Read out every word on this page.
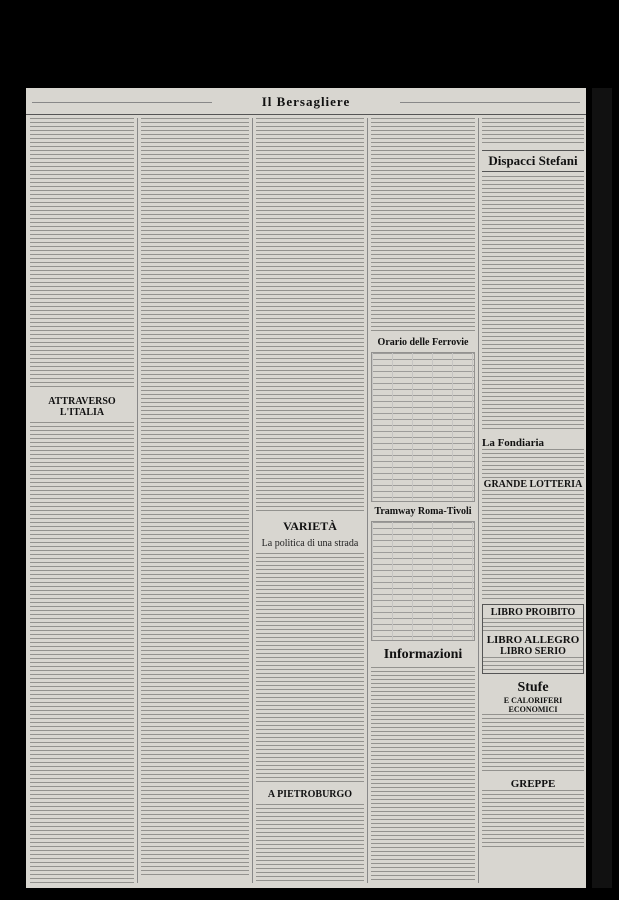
Il Bersagliere
ATTRAVERSO L'ITALIA
VARIETÀ
La politica di una strada
A PIETROBURGO
Orario delle Ferrovie
Tramway Roma-Tivoli
Informazioni
Dispacci Stefani
La Fondiaria
GRANDE LOTTERIA
LIBRO PROIBITO
LIBRO ALLEGRO
LIBRO SERIO
Stufe
E CALORIFERI ECONOMICI
GREPPE
